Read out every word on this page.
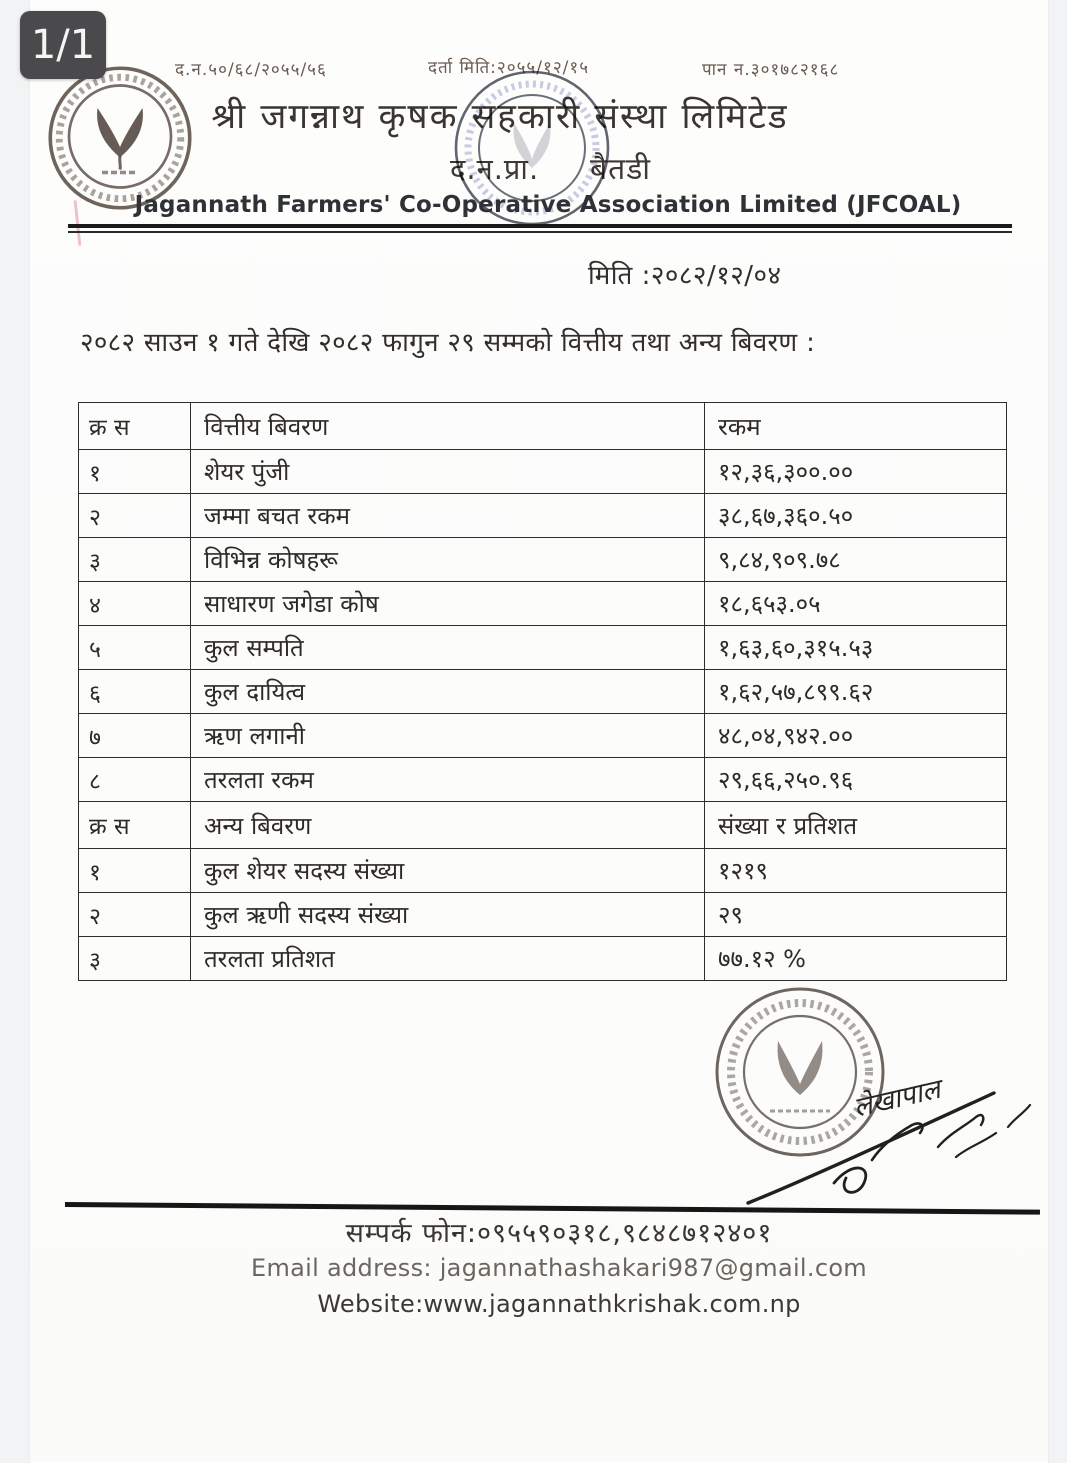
द.न.५०/६८/२०५५/५६	दर्ता मिति:२०५५/१२/१५	पान न.३०१७८२१६८
श्री जगन्नाथ कृषक सहकारी संस्था लिमिटेड
द.न.प्रा. बैतडी
Jagannath Farmers' Co-Operative Association Limited (JFCOAL)
मिति :२०८२/१२/०४
२०८२ साउन १ गते देखि २०८२ फागुन २९ सम्मको वित्तीय तथा अन्य बिवरण :
क्र स	वित्तीय बिवरण	रकम
१	शेयर पुंजी	१२,३६,३००.००
२	जम्मा बचत रकम	३८,६७,३६०.५०
३	विभिन्न कोषहरू	९,८४,९०९.७८
४	साधारण जगेडा कोष	१८,६५३.०५
५	कुल सम्पति	१,६३,६०,३१५.५३
६	कुल दायित्व	१,६२,५७,८९९.६२
७	ऋण लगानी	४८,०४,९४२.००
८	तरलता रकम	२९,६६,२५०.९६
क्र स	अन्य बिवरण	संख्या र प्रतिशत
१	कुल शेयर सदस्य संख्या	१२१९
२	कुल ऋणी सदस्य संख्या	२९
३	तरलता प्रतिशत	७७.१२ %
लेखापाल
सम्पर्क फोन:०९५५९०३१८,९८४८७१२४०१
Email address: jagannathashakari987@gmail.com
Website:www.jagannathkrishak.com.np
1/1
